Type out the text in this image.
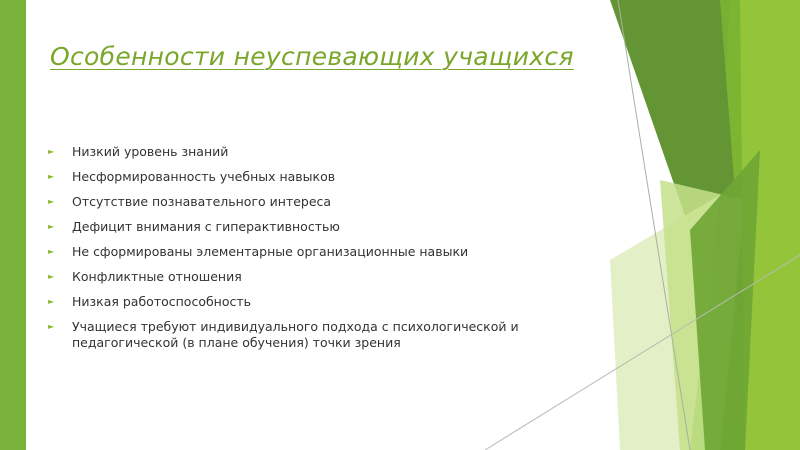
Особенности неуспевающих учащихся
► Низкий уровень знаний
► Несформированность учебных навыков
► Отсутствие познавательного интереса
► Дефицит внимания с гиперактивностью
► Не сформированы элементарные организационные навыки
► Конфликтные отношения
► Низкая работоспособность
► Учащиеся требуют индивидуального подхода с психологической и педагогической (в плане обучения) точки зрения
